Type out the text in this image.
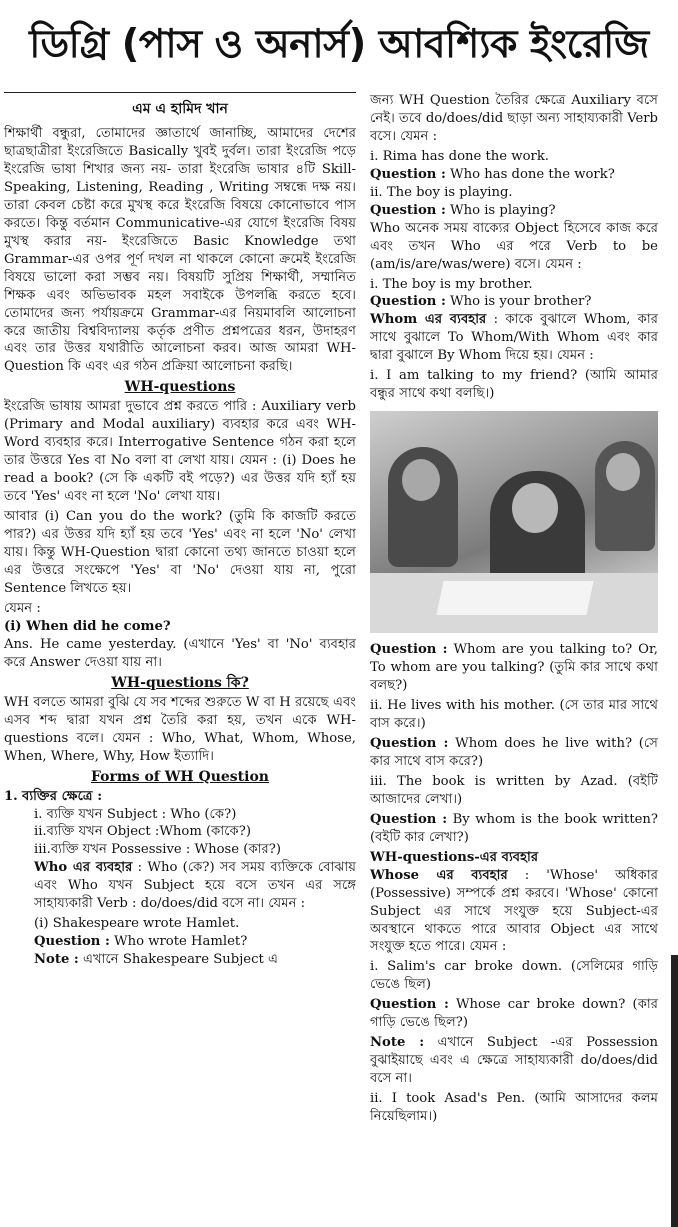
ডিগ্রি (পাস ও অনার্স) আবশ্যিক ইংরেজি
এম এ হামিদ খান

শিক্ষার্থী বন্ধুরা, তোমাদের জ্ঞাতার্থে জানাচ্ছি, আমাদের দেশের ছাত্রছাত্রীরা ইংরেজিতে Basically খুবই দুর্বল। তারা ইংরেজি পড়ে ইংরেজি ভাষা শিখার জন্য নয়- তারা ইংরেজি ভাষার ৪টি Skill-Speaking, Listening, Reading , Writing সম্বন্ধে দক্ষ নয়। তারা কেবল চেষ্টা করে মুখস্থ করে ইংরেজি বিষয়ে কোনোভাবে পাস করতে। কিন্তু বর্তমান Communicative-এর যোগে ইংরেজি বিষয় মুখস্থ করার নয়- ইংরেজিতে Basic Knowledge তথা Grammar-এর ওপর পূর্ণ দখল না থাকলে কোনো ক্রমেই ইংরেজি বিষয়ে ভালো করা সম্ভব নয়। বিষয়টি সুপ্রিয় শিক্ষার্থী, সম্মানিত শিক্ষক এবং অভিভাবক মহল সবাইকে উপলব্ধি করতে হবে। তোমাদের জন্য পর্যায়ক্রমে Grammar-এর নিয়মাবলি আলোচনা করে জাতীয় বিশ্ববিদ্যালয় কর্তৃক প্রণীত প্রশ্নপত্রের ধরন, উদাহরণ এবং তার উত্তর যথারীতি আলোচনা করব। আজ আমরা WH-Question কি এবং এর গঠন প্রক্রিয়া আলোচনা করছি।

WH-questions

ইংরেজি ভাষায় আমরা দুভাবে প্রশ্ন করতে পারি : Auxiliary verb (Primary and Modal auxiliary) ব্যবহার করে এবং WH-Word ব্যবহার করে। Interrogative Sentence গঠন করা হলে তার উত্তরে Yes বা No বলা বা লেখা যায়। যেমন : (i) Does he read a book? (সে কি একটি বই পড়ে?) এর উত্তর যদি হ্যাঁ হয় তবে 'Yes' এবং না হলে 'No' লেখা যায়।

আবার (i) Can you do the work? (তুমি কি কাজটি করতে পার?) এর উত্তর যদি হ্যাঁ হয় তবে 'Yes' এবং না হলে 'No' লেখা যায়। কিন্তু WH-Question দ্বারা কোনো তথ্য জানতে চাওয়া হলে এর উত্তরে সংক্ষেপে 'Yes' বা 'No' দেওয়া যায় না, পুরো Sentence লিখতে হয়।

যেমন :

(i) When did he come?

Ans. He came yesterday. (এখানে 'Yes' বা 'No' ব্যবহার করে Answer দেওয়া যায় না।

WH-questions কি?

WH বলতে আমরা বুঝি যে সব শব্দের শুরুতে W বা H রয়েছে এবং এসব শব্দ দ্বারা যখন প্রশ্ন তৈরি করা হয়, তখন একে WH-questions বলে। যেমন : Who, What, Whom, Whose, When, Where, Why, How ইত্যাদি।

Forms of WH Question

1. ব্যক্তির ক্ষেত্রে :

i. ব্যক্তি যখন Subject : Who (কে?)

ii.ব্যক্তি যখন Object :Whom (কাকে?)

iii.ব্যক্তি যখন Possessive : Whose (কার?)

Who এর ব্যবহার : Who (কে?) সব সময় ব্যক্তিকে বোঝায় এবং Who যখন Subject হয়ে বসে তখন এর সঙ্গে সাহায্যকারী Verb : do/does/did বসে না। যেমন :

(i) Shakespeare wrote Hamlet.

Question : Who wrote Hamlet?

Note : এখানে Shakespeare Subject এ

জন্য WH Question তৈরির ক্ষেত্রে Auxiliary বসে নেই। তবে do/does/did ছাড়া অন্য সাহায্যকারী Verb বসে। যেমন :

i. Rima has done the work.

Question : Who has done the work?

ii. The boy is playing.

Question : Who is playing?

Who অনেক সময় বাক্যের Object হিসেবে কাজ করে এবং তখন Who এর পরে Verb to be (am/is/are/was/were) বসে। যেমন :

i. The boy is my brother.

Question : Who is your brother?

Whom এর ব্যবহার : কাকে বুঝালে Whom, কার সাথে বুঝালে To Whom/With Whom এবং কার দ্বারা বুঝালে By Whom দিয়ে হয়। যেমন :

i. I am talking to my friend? (আমি আমার বন্ধুর সাথে কথা বলছি।)

Question : Whom are you talking to? Or, To whom are you talking? (তুমি কার সাথে কথা বলছ?)

ii. He lives with his mother. (সে তার মার সাথে বাস করে।)

Question : Whom does he live with? (সে কার সাথে বাস করে?)

iii. The book is written by Azad. (বইটি আজাদের লেখা।)

Question : By whom is the book written? (বইটি কার লেখা?)

WH-questions-এর ব্যবহার

Whose এর ব্যবহার : 'Whose' অধিকার (Possessive) সম্পর্কে প্রশ্ন করবে। 'Whose' কোনো Subject এর সাথে সংযুক্ত হয়ে Subject-এর অবস্থানে থাকতে পারে আবার Object এর সাথে সংযুক্ত হতে পারে। যেমন :

i. Salim's car broke down. (সেলিমের গাড়ি ভেঙে ছিল)

Question : Whose car broke down? (কার গাড়ি ভেঙে ছিল?)

Note : এখানে Subject -এর Possession বুঝাইয়াছে এবং এ ক্ষেত্রে সাহায্যকারী do/does/did বসে না।

ii. I took Asad's Pen. (আমি আসাদের কলম নিয়েছিলাম।)
